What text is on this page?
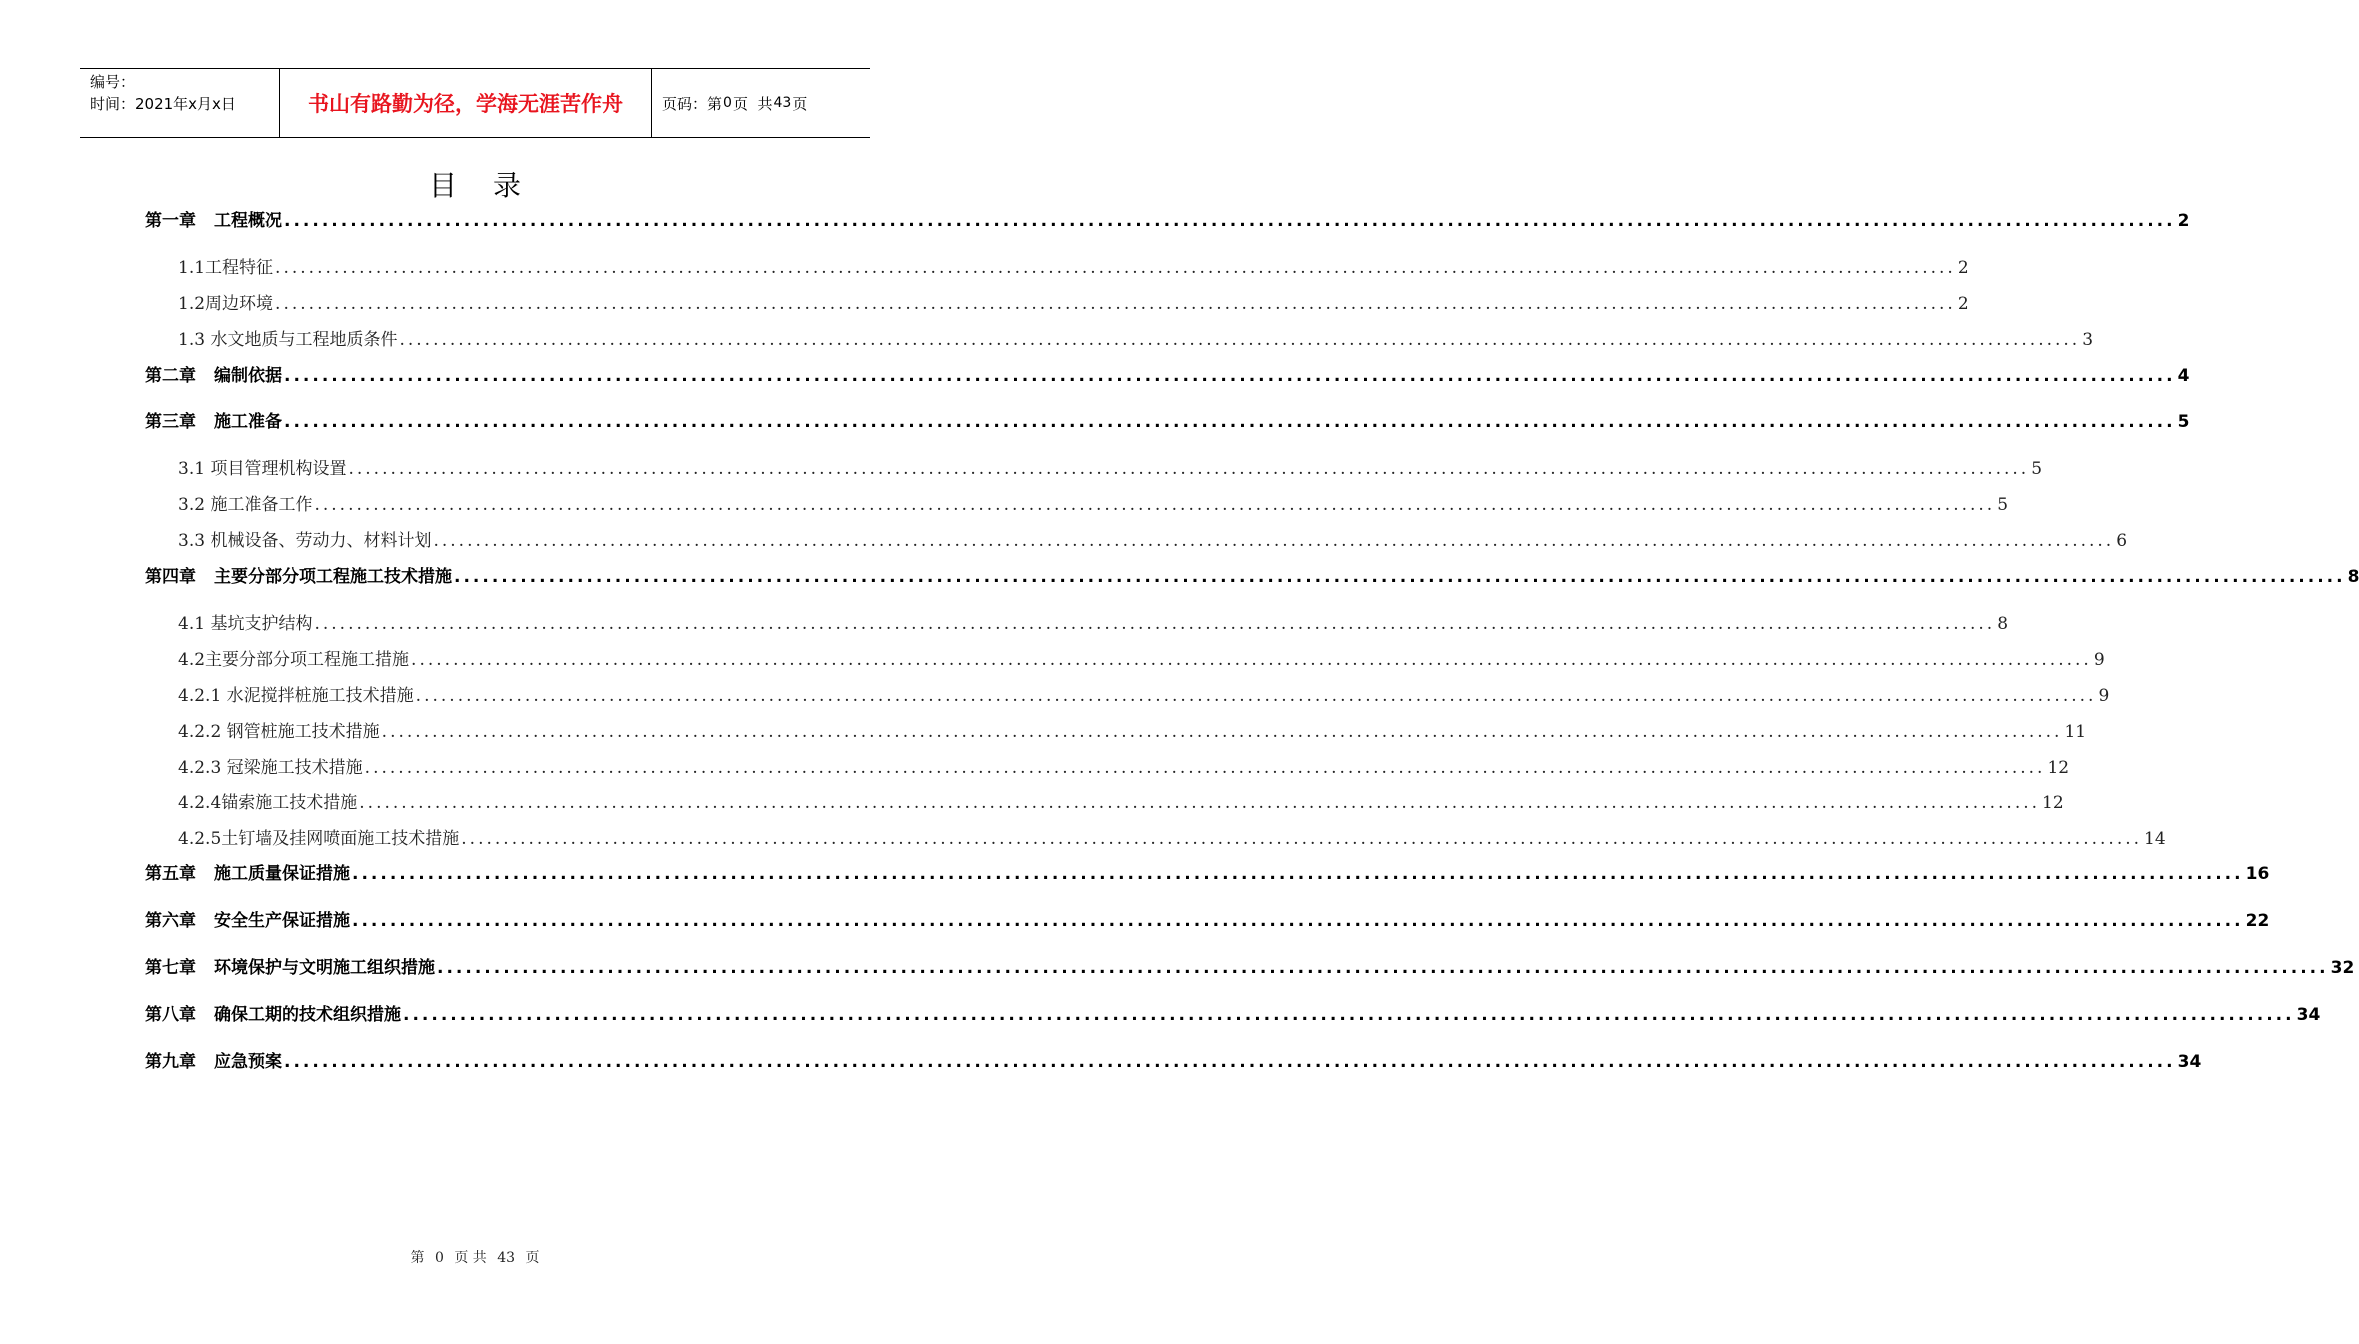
编号：
时间：2021年x月x日	书山有路勤为径，学海无涯苦作舟	页码：第 0 页  共 43 页
目录
第一章 工程概况 ........................................................................................................................................................................................................ 2
1.1工程特征 ........................................................................................................................................................................................................ 2
1.2周边环境 ........................................................................................................................................................................................................ 2
1.3 水文地质与工程地质条件 ........................................................................................................................................................................................................ 3
第二章 编制依据 ........................................................................................................................................................................................................ 4
第三章 施工准备 ........................................................................................................................................................................................................ 5
3.1 项目管理机构设置 ........................................................................................................................................................................................................ 5
3.2 施工准备工作 ........................................................................................................................................................................................................ 5
3.3 机械设备、劳动力、材料计划 ........................................................................................................................................................................................................ 6
第四章 主要分部分项工程施工技术措施 ........................................................................................................................................................................................................ 8
4.1 基坑支护结构 ........................................................................................................................................................................................................ 8
4.2主要分部分项工程施工措施 ........................................................................................................................................................................................................ 9
4.2.1 水泥搅拌桩施工技术措施 ........................................................................................................................................................................................................ 9
4.2.2 钢管桩施工技术措施 ........................................................................................................................................................................................................ 11
4.2.3 冠梁施工技术措施 ........................................................................................................................................................................................................ 12
4.2.4锚索施工技术措施 ........................................................................................................................................................................................................ 12
4.2.5土钉墙及挂网喷面施工技术措施 ........................................................................................................................................................................................................ 14
第五章 施工质量保证措施 ........................................................................................................................................................................................................ 16
第六章 安全生产保证措施 ........................................................................................................................................................................................................ 22
第七章 环境保护与文明施工组织措施 ........................................................................................................................................................................................................ 32
第八章 确保工期的技术组织措施 ........................................................................................................................................................................................................ 34
第九章 应急预案 ........................................................................................................................................................................................................ 34
第 0 页 共 43 页
